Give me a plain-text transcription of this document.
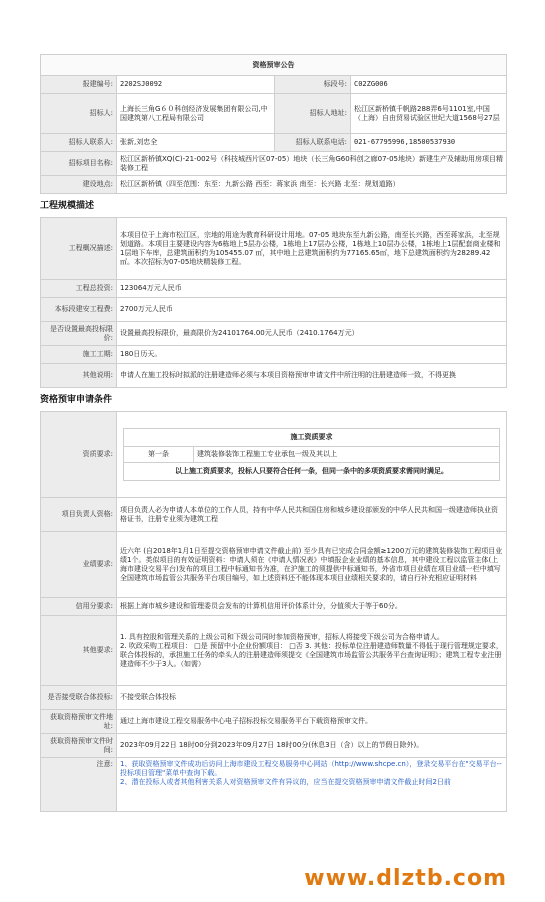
资格预审公告			
报建编号:	2202SJ0092	标段号:	C02ZG006
招标人:	上海长三角G６０科创经济发展集团有限公司,中国建筑第八工程局有限公司	招标人地址:	松江区新桥镇千帆路288弄6号1101室,中国（上海）自由贸易试验区世纪大道1568号27层
招标人联系人:	张新,刘忠全	招标人联系电话:	021-67795996,18500537930
招标项目名称:	松江区新桥镇XQ(C)-21-002号（科技城西片区07-05）地块（长三角G60科创之廊07-05地块）新建生产及辅助用房项目精装修工程		
建设地点:	松江区新桥镇（四至范围：东至：九新公路 西至：蒋家浜 南至：长兴路 北至：规划道路）		
工程规模描述
工程概况描述:	本项目位于上海市松江区，宗地的用途为教育科研设计用地。07-05 地块东至九新公路，南至长兴路，西至蒋家浜，北至规划道路。本项目主要建设内容为6栋地上5层办公楼，1栋地上17层办公楼，1栋地上10层办公楼，1栋地上1层配套商业楼和1层地下车库，总建筑面积约为105455.07 ㎡，其中地上总建筑面积约为77165.65㎡，地下总建筑面积约为28289.42 ㎡。本次招标为07-05地块精装修工程。
工程总投资:	123064万元人民币
本标段建安工程费:	2700万元人民币
是否设置最高投标限价:	设置最高投标限价，最高限价为24101764.00元人民币（2410.1764万元）
施工工期:	180日历天。
其他说明:	申请人在施工投标时拟派的注册建造师必须与本项目资格预审申请文件中所注明的注册建造师一致，不得更换
资格预审申请条件
资质要求:	
施工资质要求
第一条	建筑装修装饰工程施工专业承包一级及其以上
以上施工资质要求，投标人只要符合任何一条，但同一条中的多项资质要求需同时满足。

项目负责人资格:	项目负责人必为申请人本单位的工作人员，持有中华人民共和国住房和城乡建设部颁发的中华人民共和国一级建造师执业资格证书，注册专业须为建筑工程
业绩要求:	近六年 (自2018年1月1日至提交资格预审申请文件截止前) 至少具有已完成合同金额≥1200万元的建筑装修装饰工程项目业绩1个。类似项目的有效证明资料：申请人须在《申请人情况表》中填报企业业绩的基本信息，其中建设工程以监管主体(上海市建设交易平台)发布的项目工程中标通知书为准，在沪施工的须提供中标通知书，外省市项目业绩在项目业绩一栏中填写全国建筑市场监管公共服务平台项目编号，如上述资料还不能体现本项目业绩相关要求的，请自行补充相应证明材料
信用分要求:	根据上海市城乡建设和管理委员会发布的计算机信用评价体系计分，分值须大于等于60分。
其他要求:	
1. 具有控股和管理关系的上级公司和下级公司同时参加资格预审，招标人将接受下级公司为合格申请人。
2. 吹政采购工程项目： □是 预留中小企业份额项目： □否 3. 其他：投标单位注册建造师数量不得低于现行管理规定要求，联合体投标的，承担施工任务的牵头人的注册建造师须提交《全国建筑市场监管公共服务平台查询证明》；建筑工程专业注册建造师不少于3人。（如需）

是否接受联合体投标:	不接受联合体投标
获取资格预审文件地址:	通过上海市建设工程交易服务中心电子招标投标交易服务平台下载资格预审文件。
获取资格预审文件时间:	2023年09月22日 18时00分到2023年09月27日 18时00分(休息3日（含）以上的节假日除外)。
注意:	1、获取资格预审文件成功后访问上海市建设工程交易服务中心网站（http://www.shcpe.cn），登录交易平台在"交易平台--投标项目管理"菜单中查询下载。
2、潜在投标人或者其他利害关系人对资格预审文件有异议的，应当在提交资格预审申请文件截止时间2日前
www.dlztb.com
